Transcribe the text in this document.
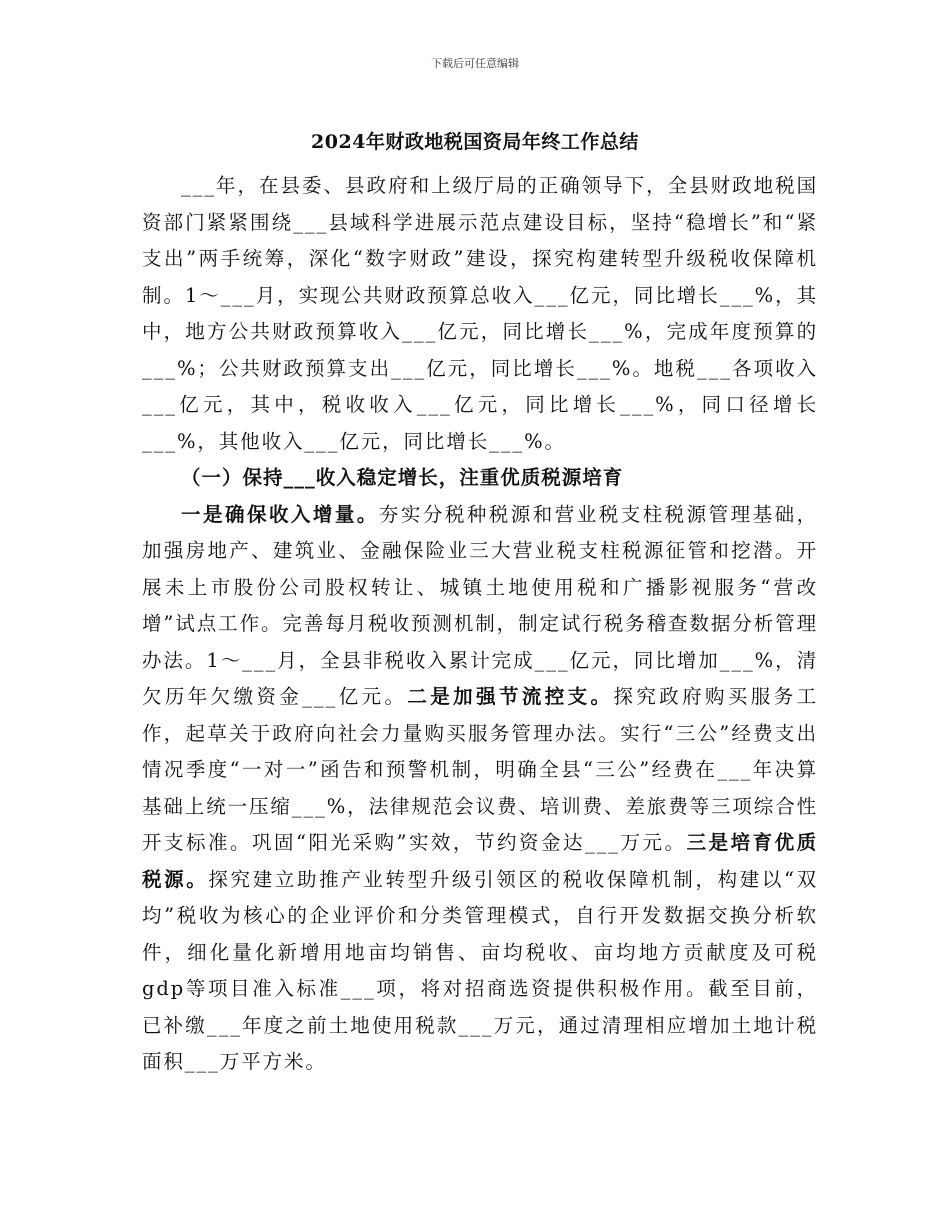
下载后可任意编辑
2024年财政地税国资局年终工作总结

___年，在县委、县政府和上级厅局的正确领导下，全县财政地税国资部门紧紧围绕___县域科学进展示范点建设目标，坚持“稳增长”和“紧支出”两手统筹，深化“数字财政”建设，探究构建转型升级税收保障机制。1～___月，实现公共财政预算总收入___亿元，同比增长___%，其中，地方公共财政预算收入___亿元，同比增长___%，完成年度预算的___%；公共财政预算支出___亿元，同比增长___%。地税___各项收入___亿元，其中，税收收入___亿元，同比增长___%，同口径增长___%，其他收入___亿元，同比增长___%。

（一）保持___收入稳定增长，注重优质税源培育

一是确保收入增量。夯实分税种税源和营业税支柱税源管理基础，加强房地产、建筑业、金融保险业三大营业税支柱税源征管和挖潜。开展未上市股份公司股权转让、城镇土地使用税和广播影视服务“营改增”试点工作。完善每月税收预测机制，制定试行税务稽查数据分析管理办法。1～___月，全县非税收入累计完成___亿元，同比增加___%，清欠历年欠缴资金___亿元。二是加强节流控支。探究政府购买服务工作，起草关于政府向社会力量购买服务管理办法。实行“三公”经费支出情况季度“一对一”函告和预警机制，明确全县“三公”经费在___年决算基础上统一压缩___%，法律规范会议费、培训费、差旅费等三项综合性开支标准。巩固“阳光采购”实效，节约资金达___万元。三是培育优质税源。探究建立助推产业转型升级引领区的税收保障机制，构建以“双均”税收为核心的企业评价和分类管理模式，自行开发数据交换分析软件，细化量化新增用地亩均销售、亩均税收、亩均地方贡献度及可税gdp等项目准入标准___项，将对招商选资提供积极作用。截至目前，已补缴___年度之前土地使用税款___万元，通过清理相应增加土地计税面积___万平方米。
